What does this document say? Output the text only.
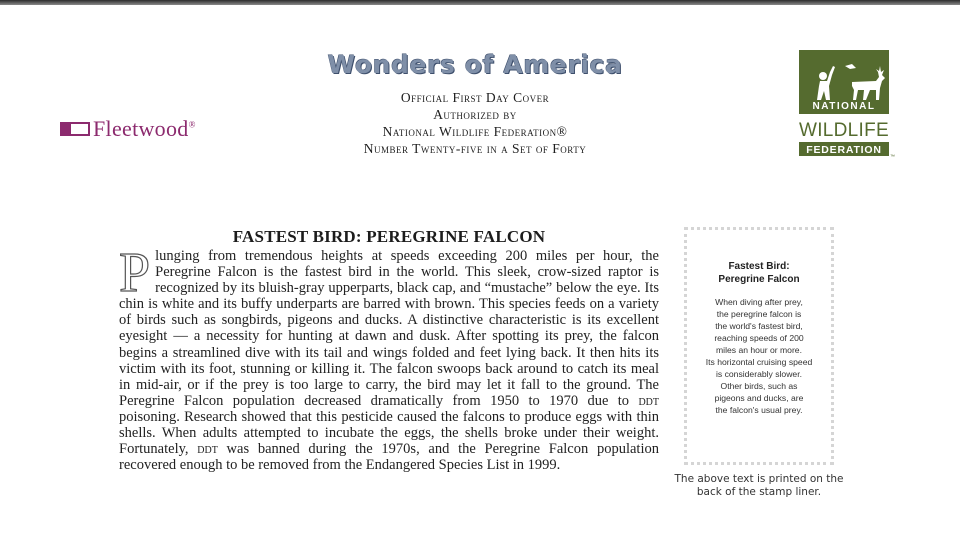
Wonders of America
Official First Day Cover
Authorized by
National Wildlife Federation®
Number Twenty-five in a Set of Forty
Fleetwood®
NATIONAL
WILDLIFE
FEDERATION
™
FASTEST BIRD: PEREGRINE FALCON
Plunging from tremendous heights at speeds exceeding 200 miles per hour, the Peregrine Falcon is the fastest bird in the world. This sleek, crow-sized raptor is recognized by its bluish-gray upperparts, black cap, and “mustache” below the eye. Its chin is white and its buffy underparts are barred with brown. This species feeds on a variety of birds such as songbirds, pigeons and ducks. A distinctive characteristic is its excellent eyesight — a necessity for hunting at dawn and dusk. After spotting its prey, the falcon begins a streamlined dive with its tail and wings folded and feet lying back. It then hits its victim with its foot, stunning or killing it. The falcon swoops back around to catch its meal in mid-air, or if the prey is too large to carry, the bird may let it fall to the ground. The Peregrine Falcon population decreased dramatically from 1950 to 1970 due to ddt poisoning. Research showed that this pesticide caused the falcons to produce eggs with thin shells. When adults attempted to incubate the eggs, the shells broke under their weight. Fortunately, ddt was banned during the 1970s, and the Peregrine Falcon population recovered enough to be removed from the Endangered Species List in 1999.
Fastest Bird:
Peregrine Falcon
When diving after prey,
the peregrine falcon is
the world's fastest bird,
reaching speeds of 200
miles an hour or more.
Its horizontal cruising speed
is considerably slower.
Other birds, such as
pigeons and ducks, are
the falcon's usual prey.
The above text is printed on the
back of the stamp liner.
